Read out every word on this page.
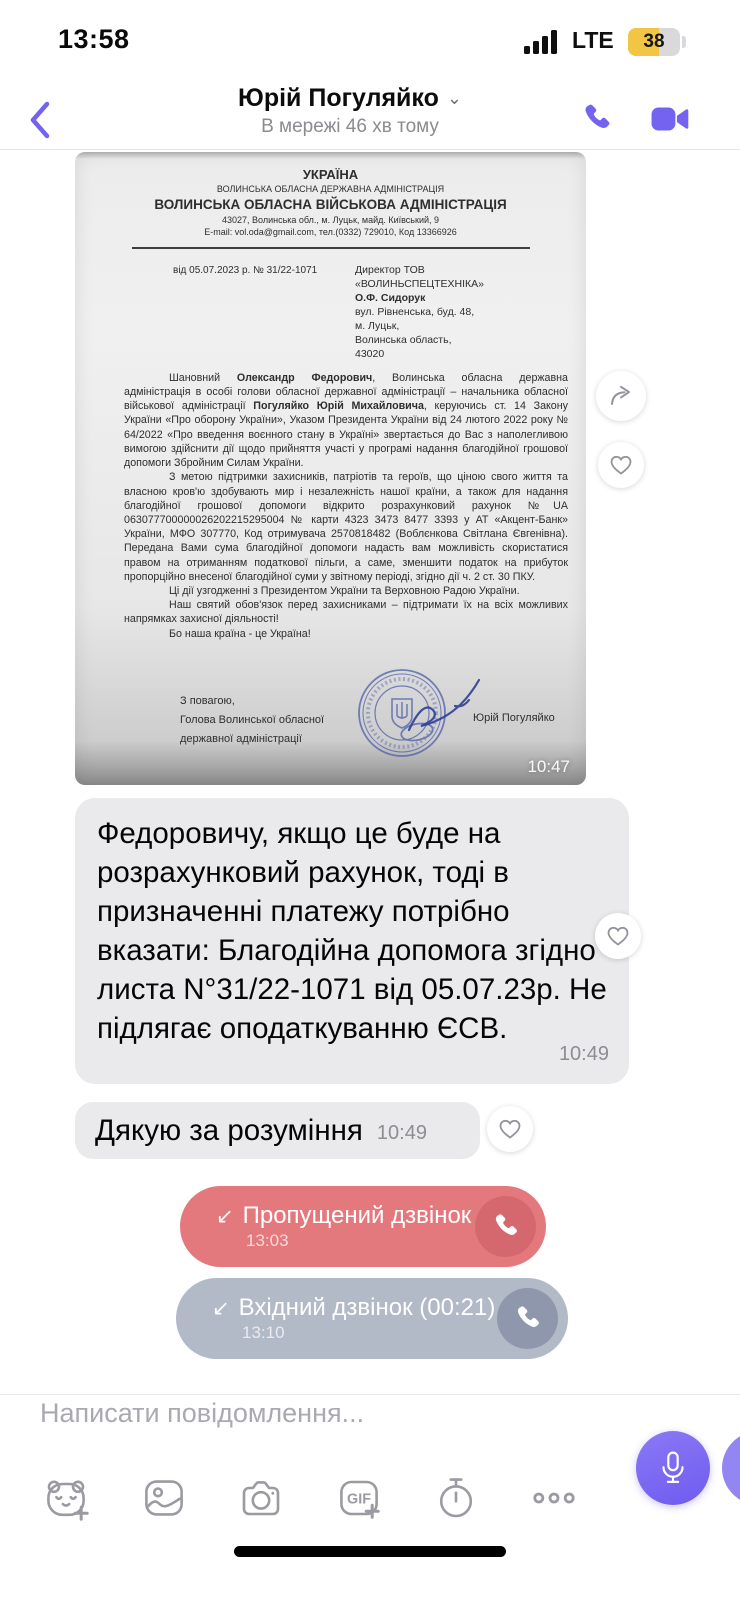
13:58	LTE	38
Юрій Погуляйко ⌄
В мережі 46 хв тому
УКРАЇНА
ВОЛИНСЬКА ОБЛАСНА ДЕРЖАВНА АДМІНІСТРАЦІЯ
ВОЛИНСЬКА ОБЛАСНА ВІЙСЬКОВА АДМІНІСТРАЦІЯ
43027, Волинська обл., м. Луцьк, майд. Київський, 9
E-mail: vol.oda@gmail.com, тел.(0332) 729010, Код 13366926
від 05.07.2023 р. № 31/22-1071	Директор ТОВ
«ВОЛИНЬСПЕЦТЕХНІКА»
О.Ф. Сидорук
вул. Рівненська, буд. 48,
м. Луцьк,
Волинська область,
43020

Шановний Олександр Федорович, Волинська обласна державна адміністрація в особі голови обласної державної адміністрації – начальника обласної військової адміністрації Погуляйко Юрій Михайловича, керуючись ст. 14 Закону України «Про оборону України», Указом Президента України від 24 лютого 2022 року № 64/2022 «Про введення воєнного стану в Україні» звертається до Вас з наполегливою вимогою здійснити дії щодо прийняття участі у програмі надання благодійної грошової допомоги Збройним Силам України.

З метою підтримки захисників, патріотів та героїв, що ціною свого життя та власною кров'ю здобувають мир і незалежність нашої країни, а також для надання благодійної грошової допомоги відкрито розрахунковий рахунок №UA 063077700000026202215295004 № карти 4323 3473 8477 3393 у АТ «Акцент-Банк» України, МФО 307770, Код отримувача 2570818482 (Воблєнкова Світлана Євгенівна). Передана Вами сума благодійної допомоги надасть вам можливість скористатися правом на отриманням податкової пільги, а саме, зменшити податок на прибуток пропорційно внесеної благодійної суми у звітному періоді, згідно дії ч. 2 ст. 30 ПКУ.

Ці дії узгодженні з Президентом України та Верховною Радою України.

Наш святий обов'язок перед захисниками – підтримати їх на всіх можливих напрямках захисної діяльності!

Бо наша країна - це Україна!

З повагою,
Голова Волинської обласної
державної адміністрації
Юрій Погуляйко
10:47
Федоровичу, якщо це буде на розрахунковий рахунок, тоді в призначенні платежу потрібно вказати: Благодійна допомога згідно листа N°31/22-1071 від 05.07.23р. Не підлягає оподаткуванню ЄСВ.
10:49
Дякую за розуміння 10:49
↙ Пропущений дзвінок
13:03
↙ Вхідний дзвінок (00:21)
13:10
Написати повідомлення...
GIF
